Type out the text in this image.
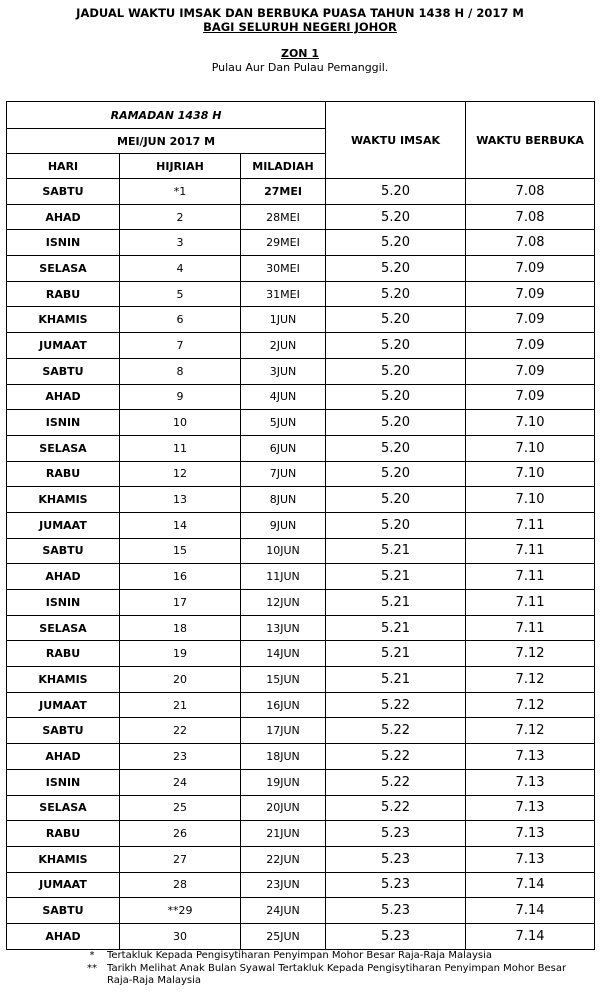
JADUAL WAKTU IMSAK DAN BERBUKA PUASA TAHUN 1438 H / 2017 M
BAGI SELURUH NEGERI JOHOR
ZON 1
Pulau Aur Dan Pulau Pemanggil.
RAMADAN 1438 H			WAKTU IMSAK	WAKTU BERBUKA
MEI/JUN 2017 M				
HARI	HIJRIAH	MILADIAH		
SABTU	*1	27MEI	5.20	7.08
AHAD	2	28MEI	5.20	7.08
ISNIN	3	29MEI	5.20	7.08
SELASA	4	30MEI	5.20	7.09
RABU	5	31MEI	5.20	7.09
KHAMIS	6	1JUN	5.20	7.09
JUMAAT	7	2JUN	5.20	7.09
SABTU	8	3JUN	5.20	7.09
AHAD	9	4JUN	5.20	7.09
ISNIN	10	5JUN	5.20	7.10
SELASA	11	6JUN	5.20	7.10
RABU	12	7JUN	5.20	7.10
KHAMIS	13	8JUN	5.20	7.10
JUMAAT	14	9JUN	5.20	7.11
SABTU	15	10JUN	5.21	7.11
AHAD	16	11JUN	5.21	7.11
ISNIN	17	12JUN	5.21	7.11
SELASA	18	13JUN	5.21	7.11
RABU	19	14JUN	5.21	7.12
KHAMIS	20	15JUN	5.21	7.12
JUMAAT	21	16JUN	5.22	7.12
SABTU	22	17JUN	5.22	7.12
AHAD	23	18JUN	5.22	7.13
ISNIN	24	19JUN	5.22	7.13
SELASA	25	20JUN	5.22	7.13
RABU	26	21JUN	5.23	7.13
KHAMIS	27	22JUN	5.23	7.13
JUMAAT	28	23JUN	5.23	7.14
SABTU	**29	24JUN	5.23	7.14
AHAD	30	25JUN	5.23	7.14
*	Tertakluk Kepada Pengisytiharan Penyimpan Mohor Besar Raja-Raja Malaysia
**	Tarikh Melihat Anak Bulan Syawal Tertakluk Kepada Pengisytiharan Penyimpan Mohor Besar
Raja-Raja Malaysia
